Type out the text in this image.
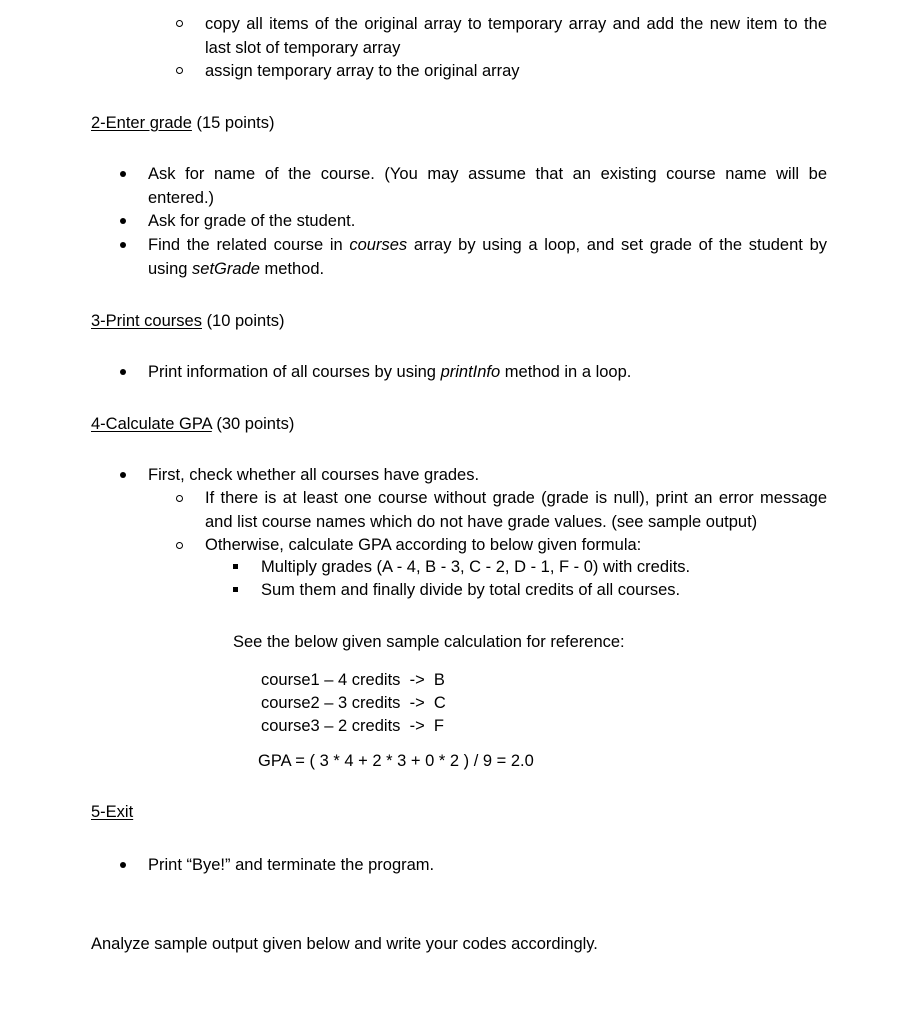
copy all items of the original array to temporary array and add the new item to the
last slot of temporary array
assign temporary array to the original array
2-Enter grade (15 points)
Ask for name of the course. (You may assume that an existing course name will be
entered.)
Ask for grade of the student.
Find the related course in courses array by using a loop, and set grade of the student by
using setGrade method.
3-Print courses (10 points)
Print information of all courses by using printInfo method in a loop.
4-Calculate GPA (30 points)
First, check whether all courses have grades.
If there is at least one course without grade (grade is null), print an error message
and list course names which do not have grade values. (see sample output)
Otherwise, calculate GPA according to below given formula:
Multiply grades (A - 4, B - 3, C - 2, D - 1, F - 0) with credits.
Sum them and finally divide by total credits of all courses.
See the below given sample calculation for reference:
course1 – 4 credits  ->  B
course2 – 3 credits  ->  C
course3 – 2 credits  ->  F
GPA = ( 3 * 4 + 2 * 3 + 0 * 2 ) / 9 = 2.0
5-Exit
Print “Bye!” and terminate the program.
Analyze sample output given below and write your codes accordingly.
